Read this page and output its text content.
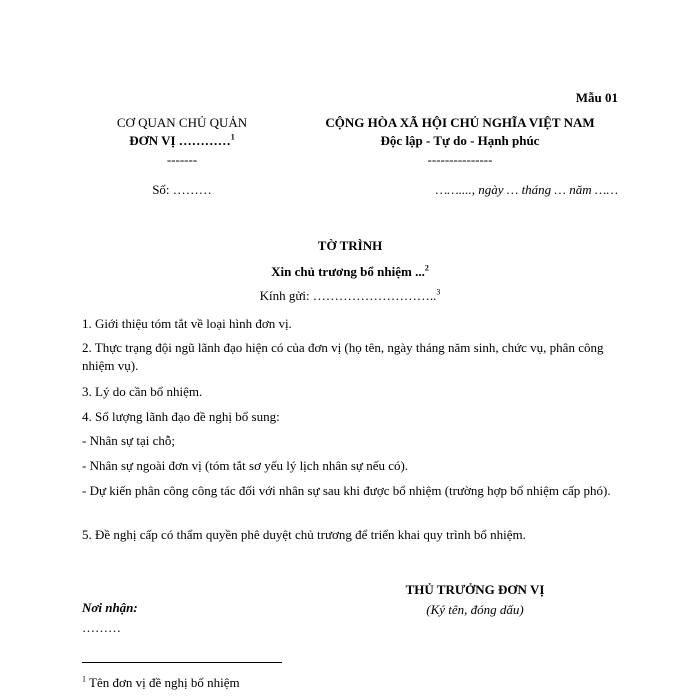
Mẫu 01
CƠ QUAN CHỦ QUẢN
ĐƠN VỊ …………$^1$
-------
CỘNG HÒA XÃ HỘI CHỦ NGHĨA VIỆT NAM
Độc lập - Tự do - Hạnh phúc
---------------
Số: ………	……...., ngày … tháng … năm ……
TỜ TRÌNH
Xin chủ trương bổ nhiệm ...$^2$
Kính gửi: ………………………..$^3$
1. Giới thiệu tóm tắt về loại hình đơn vị.
2. Thực trạng đội ngũ lãnh đạo hiện có của đơn vị (họ tên, ngày tháng năm sinh, chức vụ, phân công nhiệm vụ).
3. Lý do cần bổ nhiệm.
4. Số lượng lãnh đạo đề nghị bổ sung:
- Nhân sự tại chỗ;
- Nhân sự ngoài đơn vị (tóm tắt sơ yếu lý lịch nhân sự nếu có).
- Dự kiến phân công công tác đối với nhân sự sau khi được bổ nhiệm (trường hợp bổ nhiệm cấp phó).
5. Đề nghị cấp có thẩm quyền phê duyệt chủ trương để triển khai quy trình bổ nhiệm.
THỦ TRƯỞNG ĐƠN VỊ
(Ký tên, đóng dấu)
Nơi nhận:
………
$^1$ Tên đơn vị đề nghị bổ nhiệm
